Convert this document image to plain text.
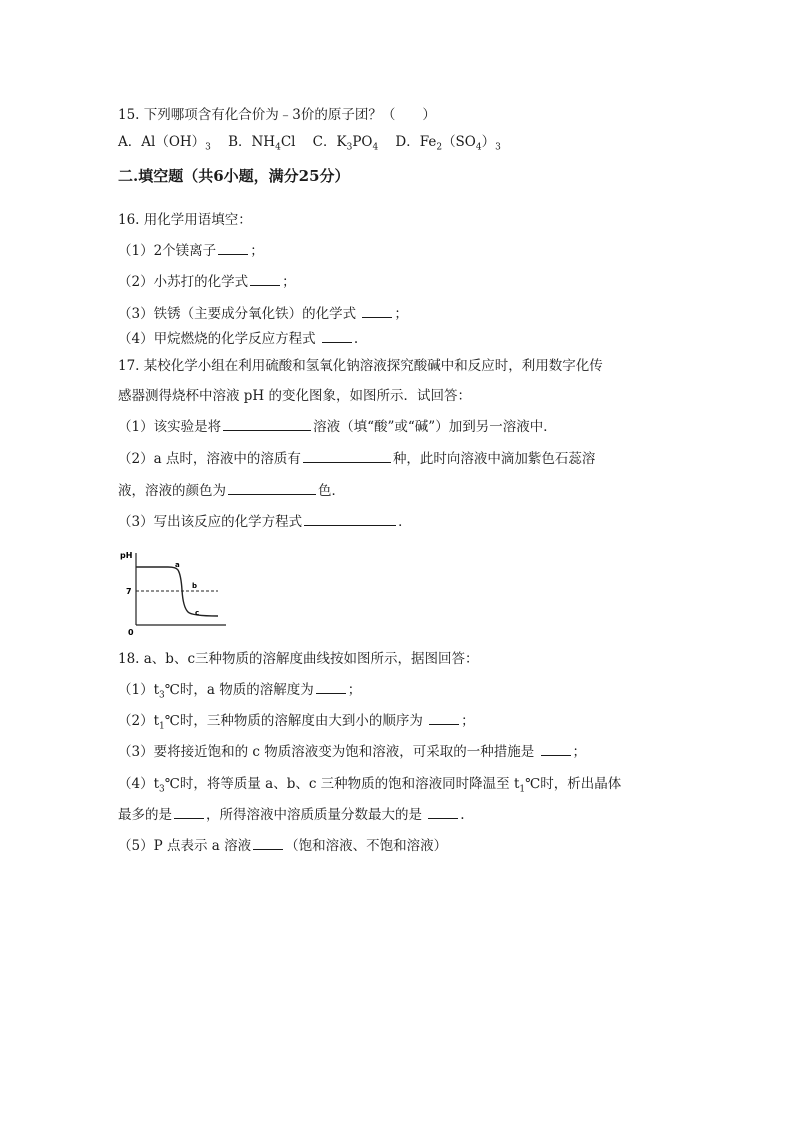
15. 下列哪项含有化合价为﹣3价的原子团？（　　）
A．$Al(OH)_3$ B．$NH_4Cl$ C．$K_3PO_4$ D．$Fe_2(SO_4)_3$
二.填空题（共6小题，满分25分）
16. 用化学用语填空：
（1）2个镁离子	；
（2）小苏打的化学式	；
（3）铁锈（主要成分氧化铁）的化学式	；
（4）甲烷燃烧的化学反应方程式	.
17. 某校化学小组在利用硫酸和氢氧化钠溶液探究酸碱中和反应时，利用数字化传
感器测得烧杯中溶液 pH 的变化图象，如图所示．试回答：
（1）该实验是将	溶液（填“酸”或“碱”）加到另一溶液中．
（2）a 点时，溶液中的溶质有	种，此时向溶液中滴加紫色石蕊溶
液，溶液的颜色为	色．
（3）写出该反应的化学方程式	．
pH
7
0
a
b
c
18. a、b、c三种物质的溶解度曲线按如图所示，据图回答：
$(1)t_3℃$时，a 物质的溶解度为	；
$(2)t_1℃$时，三种物质的溶解度由大到小的顺序为	；
（3）要将接近饱和的 c 物质溶液变为饱和溶液，可采取的一种措施是	；
$(4)t_3℃$时，将等质量 a、b、c 三种物质的饱和溶液同时降温至 $t_1℃$时，析出晶体
最多的是	，所得溶液中溶质质量分数最大的是	.
（5）P 点表示 a 溶液	（饱和溶液、不饱和溶液）
